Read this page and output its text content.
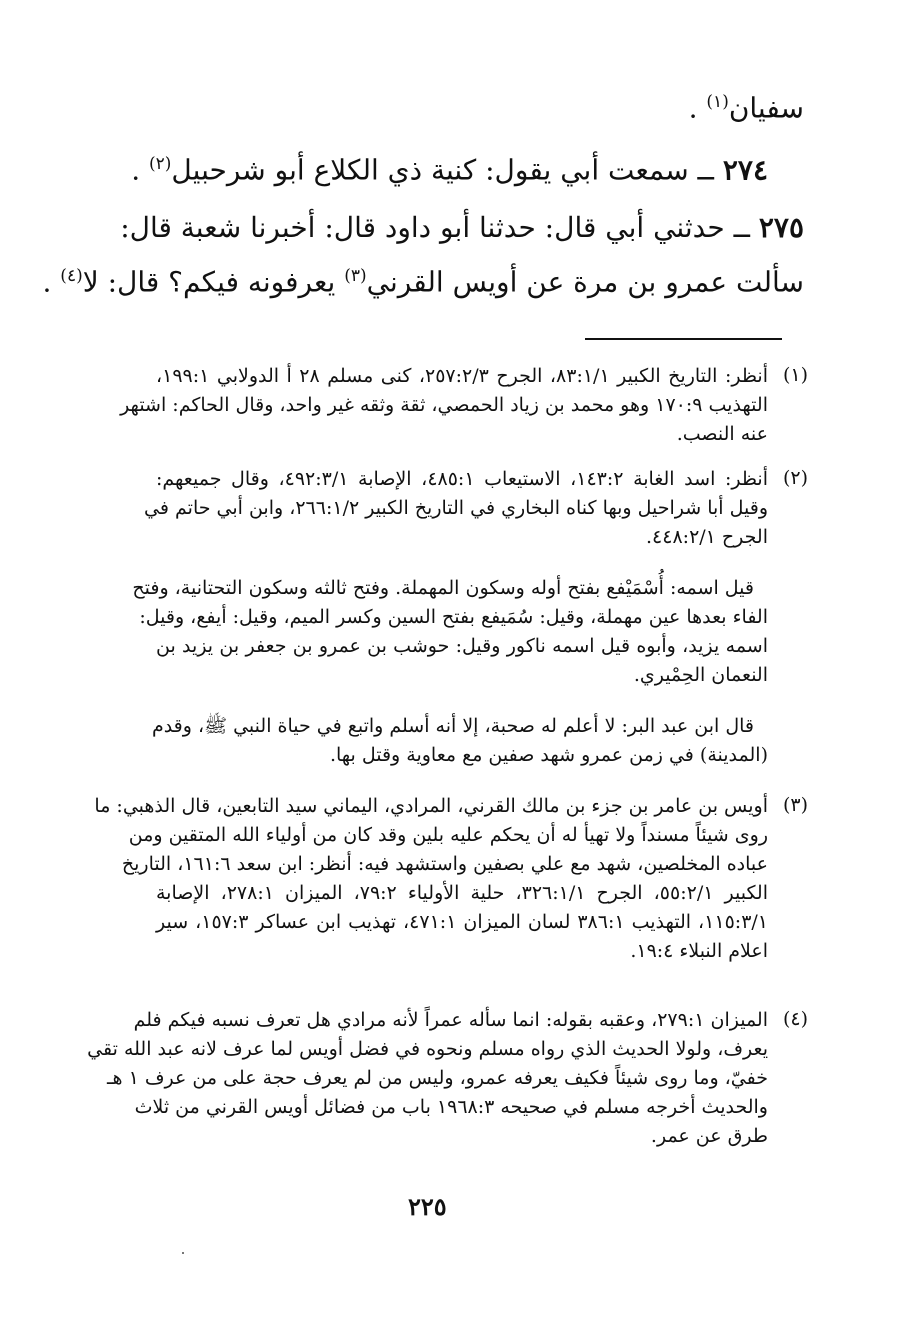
سفيان$^{(١)}$ .
٢٧٤ ــ سمعت أبي يقول: كنية ذي الكلاع أبو شرحبيل$^{(٢)}$ .
٢٧٥ ــ حدثني أبي قال: حدثنا أبو داود قال: أخبرنا شعبة قال:
سألت عمرو بن مرة عن أويس القرني$^{(٣)}$ يعرفونه فيكم؟ قال: لا$^{(٤)}$ .
(١)
أنظر: التاريخ الكبير ٨٣:١/١، الجرح ٢٥٧:٢/٣، كنى مسلم ٢٨ أ الدولابي ١٩٩:١،
التهذيب ١٧٠:٩ وهو محمد بن زياد الحمصي، ثقة وثقه غير واحد، وقال الحاكم: اشتهر
عنه النصب.
(٢)
أنظر: اسد الغابة ١٤٣:٢، الاستيعاب ٤٨٥:١، الإصابة ٤٩٢:٣/١، وقال جميعهم:
وقيل أبا شراحيل وبها كناه البخاري في التاريخ الكبير ٢٦٦:١/٢، وابن أبي حاتم في
الجرح ٤٤٨:٢/١.
قيل اسمه: أُسْمَيْفع بفتح أوله وسكون المهملة. وفتح ثالثه وسكون التحتانية، وفتح
الفاء بعدها عين مهملة، وقيل: سُمَيفع بفتح السين وكسر الميم، وقيل: أيفع، وقيل:
اسمه يزيد، وأبوه قيل اسمه ناكور وقيل: حوشب بن عمرو بن جعفر بن يزيد بن
النعمان الحِمْيري.
قال ابن عبد البر: لا أعلم له صحبة، إلا أنه أسلم واتبع في حياة النبي ﷺ، وقدم
(المدينة) في زمن عمرو شهد صفين مع معاوية وقتل بها.
(٣)
أويس بن عامر بن جزء بن مالك القرني، المرادي، اليماني سيد التابعين، قال الذهبي: ما
روى شيئاً مسنداً ولا تهيأ له أن يحكم عليه بلين وقد كان من أولياء الله المتقين ومن
عباده المخلصين، شهد مع علي بصفين واستشهد فيه: أنظر: ابن سعد ١٦١:٦، التاريخ
الكبير ٥٥:٢/١، الجرح ٣٢٦:١/١، حلية الأولياء ٧٩:٢، الميزان ٢٧٨:١، الإصابة
١١٥:٣/١، التهذيب ٣٨٦:١ لسان الميزان ٤٧١:١، تهذيب ابن عساكر ١٥٧:٣، سير
اعلام النبلاء ١٩:٤.
(٤)
الميزان ٢٧٩:١، وعقبه بقوله: انما سأله عمراً لأنه مرادي هل تعرف نسبه فيكم فلم
يعرف، ولولا الحديث الذي رواه مسلم ونحوه في فضل أويس لما عرف لانه عبد الله تقي
خفيّ، وما روى شيئاً فكيف يعرفه عمرو، وليس من لم يعرف حجة على من عرف ١ هـ
والحديث أخرجه مسلم في صحيحه ١٩٦٨:٣ باب من فضائل أويس القرني من ثلاث
طرق عن عمر.
٢٢٥
